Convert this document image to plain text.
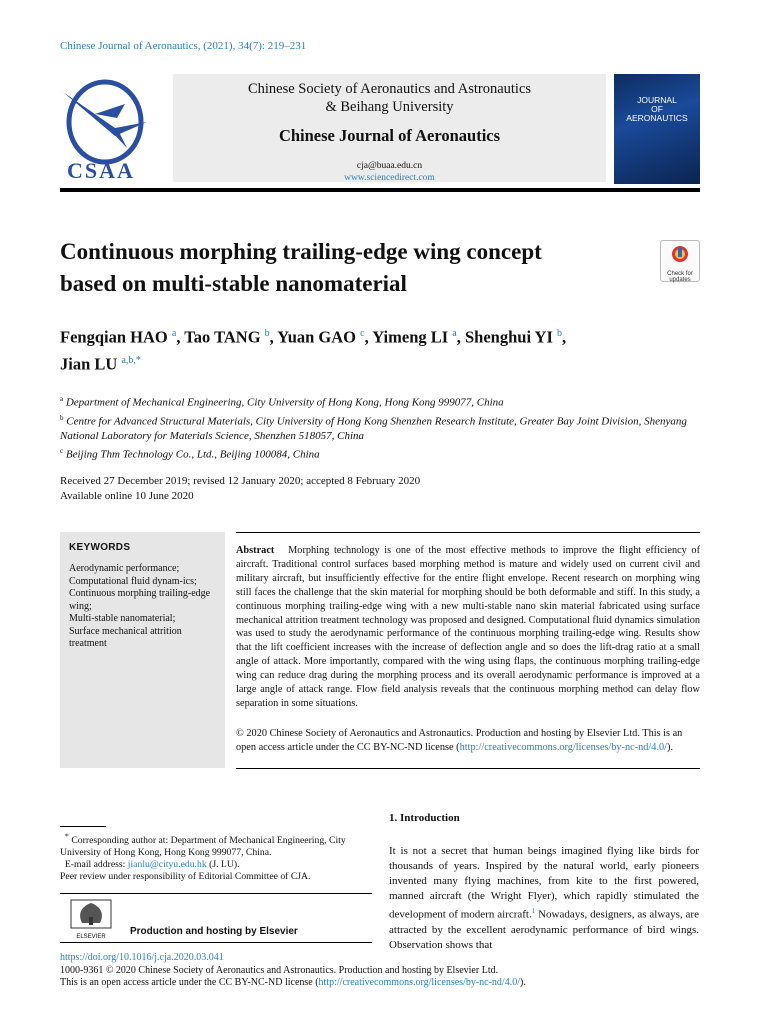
Chinese Journal of Aeronautics, (2021), 34(7): 219–231
CSAA
Chinese Society of Aeronautics and Astronautics
& Beihang University
Chinese Journal of Aeronautics
cja@buaa.edu.cn
www.sciencedirect.com
JOURNAL
OF
AERONAUTICS
Continuous morphing trailing-edge wing concept
based on multi-stable nanomaterial	Check for updates
Fengqian HAO $^a$, Tao TANG $^b$, Yuan GAO $^c$, Yimeng LI $^a$, Shenghui YI $^b$,
Jian LU $^{a,b,*}$
$^a$ Department of Mechanical Engineering, City University of Hong Kong, Hong Kong 999077, China
$^b$ Centre for Advanced Structural Materials, City University of Hong Kong Shenzhen Research Institute, Greater Bay Joint Division, Shenyang National Laboratory for Materials Science, Shenzhen 518057, China
$^c$ Beijing Thm Technology Co., Ltd., Beijing 100084, China
Received 27 December 2019; revised 12 January 2020; accepted 8 February 2020
Available online 10 June 2020
KEYWORDS
Aerodynamic performance;
Computational fluid dynam-ics;
Continuous morphing trailing-edge wing;
Multi-stable nanomaterial;
Surface mechanical attrition treatment
Abstract Morphing technology is one of the most effective methods to improve the flight efficiency of aircraft. Traditional control surfaces based morphing method is mature and widely used on current civil and military aircraft, but insufficiently effective for the entire flight envelope. Recent research on morphing wing still faces the challenge that the skin material for morphing should be both deformable and stiff. In this study, a continuous morphing trailing-edge wing with a new multi-stable nano skin material fabricated using surface mechanical attrition treatment technology was proposed and designed. Computational fluid dynamics simulation was used to study the aerodynamic performance of the continuous morphing trailing-edge wing. Results show that the lift coefficient increases with the increase of deflection angle and so does the lift-drag ratio at a small angle of attack. More importantly, compared with the wing using flaps, the continuous morphing trailing-edge wing can reduce drag during the morphing process and its overall aerodynamic performance is improved at a large angle of attack range. Flow field analysis reveals that the continuous morphing method can delay flow separation in some situations.
© 2020 Chinese Society of Aeronautics and Astronautics. Production and hosting by Elsevier Ltd. This is an open access article under the CC BY-NC-ND license (http://creativecommons.org/licenses/by-nc-nd/4.0/).
1. Introduction
It is not a secret that human beings imagined flying like birds for thousands of years. Inspired by the natural world, early pioneers invented many flying machines, from kite to the first powered, manned aircraft (the Wright Flyer), which rapidly stimulated the development of modern aircraft.$^1$ Nowadays, designers, as always, are attracted by the excellent aerodynamic performance of bird wings. Observation shows that
* Corresponding author at: Department of Mechanical Engineering, City University of Hong Kong, Hong Kong 999077, China.
E-mail address: jianlu@cityu.edu.hk (J. LU).
Peer review under responsibility of Editorial Committee of CJA.
ELSEVIER	Production and hosting by Elsevier
https://doi.org/10.1016/j.cja.2020.03.041
1000-9361 © 2020 Chinese Society of Aeronautics and Astronautics. Production and hosting by Elsevier Ltd.
This is an open access article under the CC BY-NC-ND license (http://creativecommons.org/licenses/by-nc-nd/4.0/).
